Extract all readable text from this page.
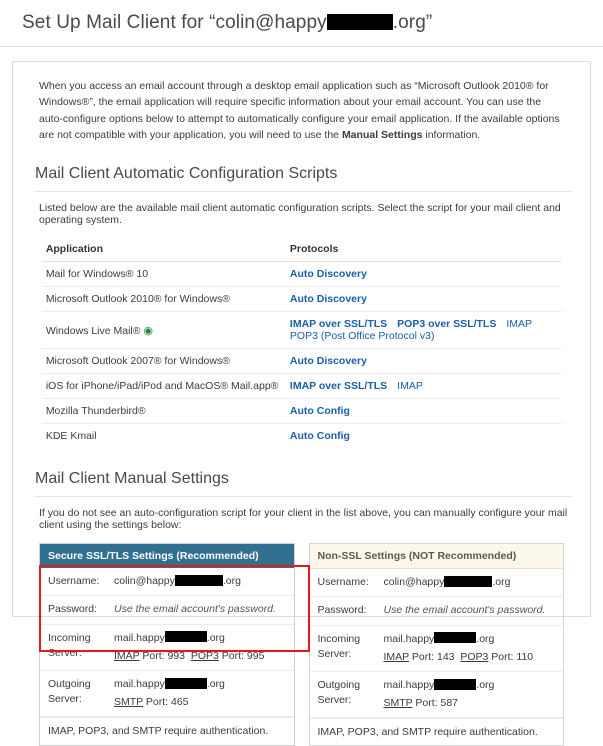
Set Up Mail Client for “colin@happy	.org”

When you access an email account through a desktop email application such as “Microsoft Outlook 2010® for Windows®”, the email application will require specific information about your email account. You can use the auto-configure options below to attempt to automatically configure your email application. If the available options are not compatible with your application, you will need to use the Manual Settings information.

Mail Client Automatic Configuration Scripts

Listed below are the available mail client automatic configuration scripts. Select the script for your mail client and operating system.

Application	Protocols
Mail for Windows® 10	Auto Discovery
Microsoft Outlook 2010® for Windows®	Auto Discovery
Windows Live Mail® ◉	IMAP over SSL/TLS POP3 over SSL/TLS IMAPPOP3 (Post Office Protocol v3)
Microsoft Outlook 2007® for Windows®	Auto Discovery
iOS for iPhone/iPad/iPod and MacOS® Mail.app®	IMAP over SSL/TLS IMAP
Mozilla Thunderbird®	Auto Config
KDE Kmail	Auto Config
Mail Client Manual Settings

If you do not see an auto-configuration script for your client in the list above, you can manually configure your mail client using the settings below:

Secure SSL/TLS Settings (Recommended)
Username:	colin@happy	.org
Password:	Use the email account's password.
Incoming Server:
mail.happy	.org
IMAP Port: 993 POP3 Port: 995
Outgoing Server:
mail.happy	.org
SMTP Port: 465
IMAP, POP3, and SMTP require authentication.
Non-SSL Settings (NOT Recommended)
Username:	colin@happy	.org
Password:	Use the email account's password.
Incoming Server:
mail.happy	.org
IMAP Port: 143 POP3 Port: 110
Outgoing Server:
mail.happy	.org
SMTP Port: 587
IMAP, POP3, and SMTP require authentication.
